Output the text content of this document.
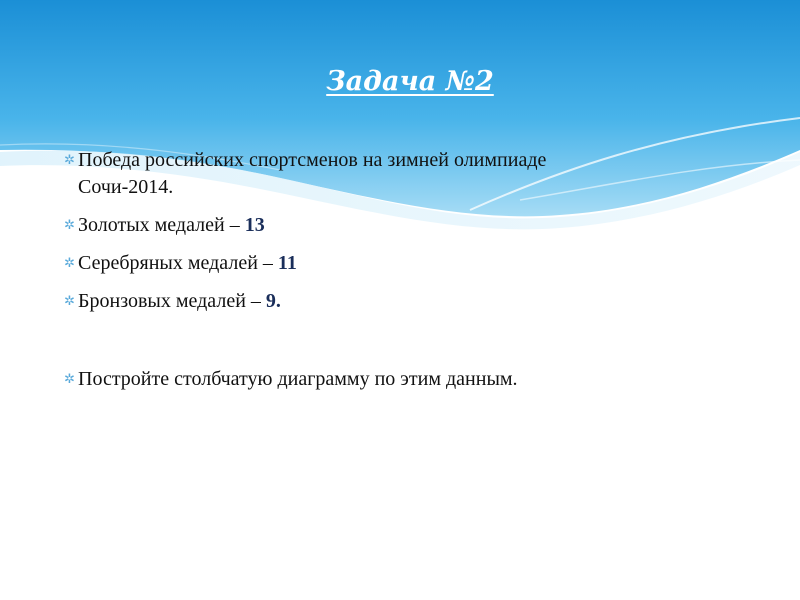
Задача №2
✲ Победа российских спортсменов на зимней олимпиаде Сочи-2014.
✲ Золотых медалей – 13
✲ Серебряных медалей – 11
✲ Бронзовых медалей – 9.
✲ Постройте столбчатую диаграмму по этим данным.
